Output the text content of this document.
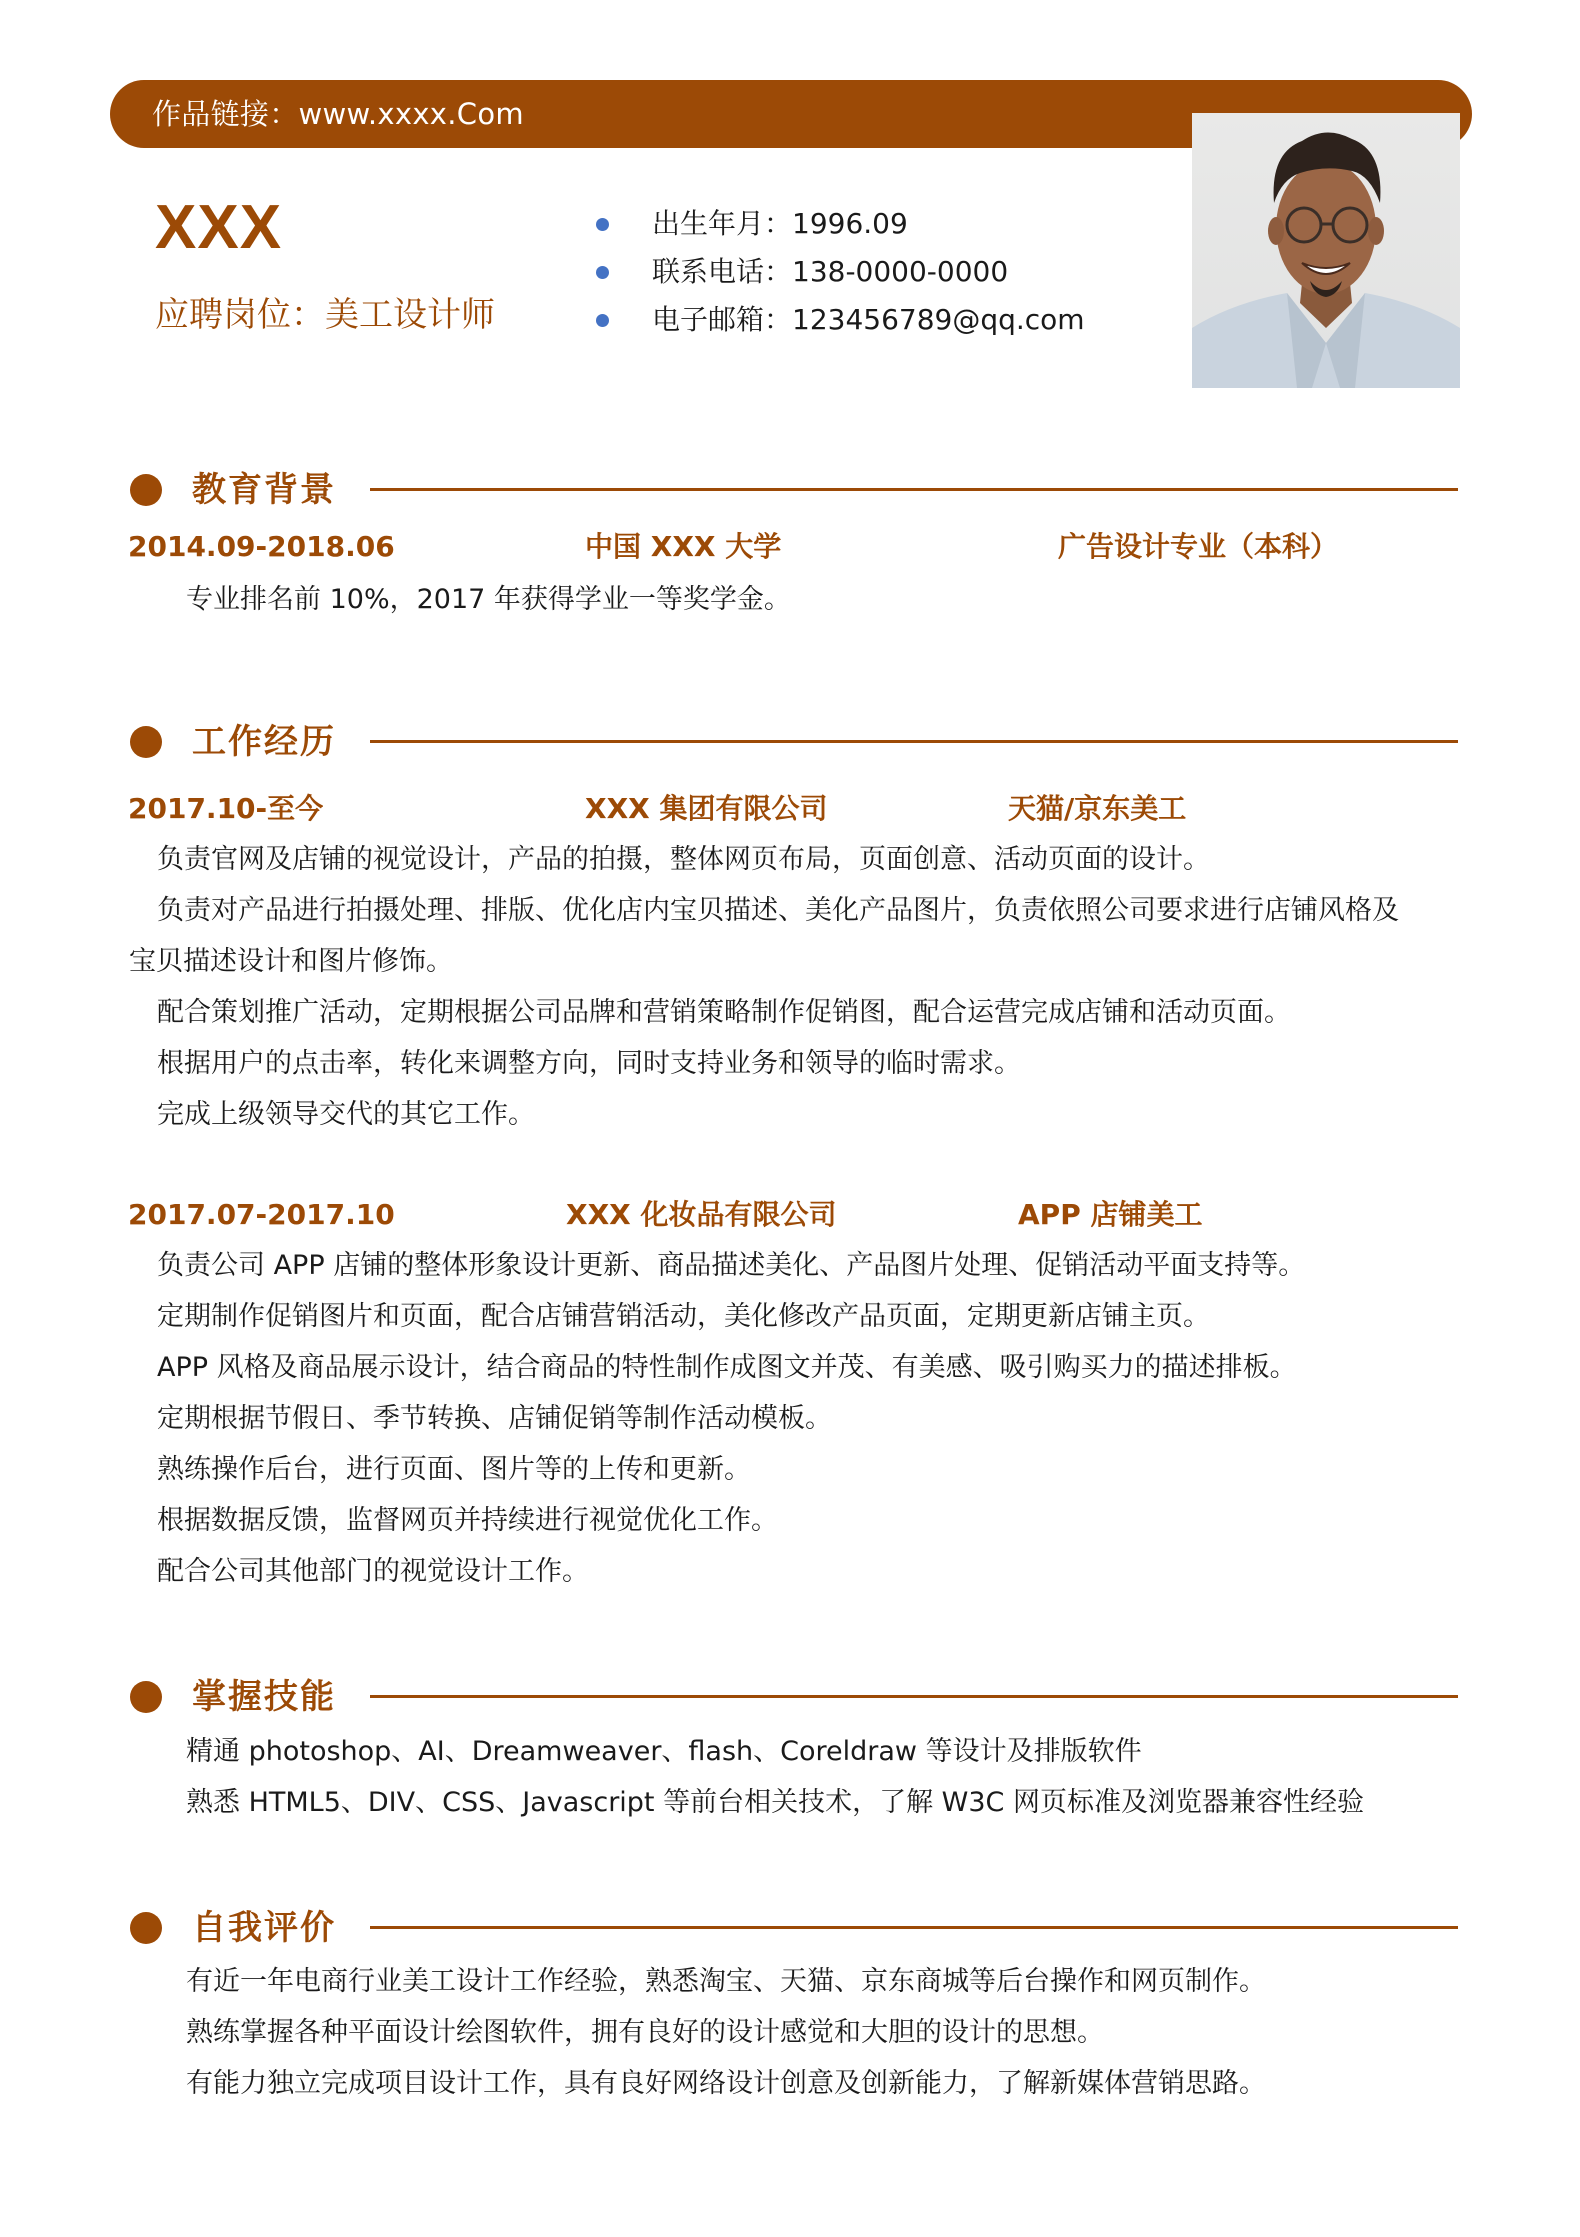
作品链接：www.xxxx.Com
XXX
应聘岗位：美工设计师
出生年月：1996.09
联系电话：138-0000-0000
电子邮箱：123456789@qq.com
教育背景
2014.09-2018.06	中国 XXX 大学	广告设计专业（本科）
专业排名前 10%，2017 年获得学业一等奖学金。
工作经历
2017.10-至今	XXX 集团有限公司	天猫/京东美工
负责官网及店铺的视觉设计，产品的拍摄，整体网页布局，页面创意、活动页面的设计。
负责对产品进行拍摄处理、排版、优化店内宝贝描述、美化产品图片，负责依照公司要求进行店铺风格及
宝贝描述设计和图片修饰。
配合策划推广活动，定期根据公司品牌和营销策略制作促销图，配合运营完成店铺和活动页面。
根据用户的点击率，转化来调整方向，同时支持业务和领导的临时需求。
完成上级领导交代的其它工作。
2017.07-2017.10	XXX 化妆品有限公司	APP 店铺美工
负责公司 APP 店铺的整体形象设计更新、商品描述美化、产品图片处理、促销活动平面支持等。
定期制作促销图片和页面，配合店铺营销活动，美化修改产品页面，定期更新店铺主页。
APP 风格及商品展示设计，结合商品的特性制作成图文并茂、有美感、吸引购买力的描述排板。
定期根据节假日、季节转换、店铺促销等制作活动模板。
熟练操作后台，进行页面、图片等的上传和更新。
根据数据反馈，监督网页并持续进行视觉优化工作。
配合公司其他部门的视觉设计工作。
掌握技能
精通 photoshop、AI、Dreamweaver、flash、Coreldraw 等设计及排版软件
熟悉 HTML5、DIV、CSS、Javascript 等前台相关技术，了解 W3C 网页标准及浏览器兼容性经验
自我评价
有近一年电商行业美工设计工作经验，熟悉淘宝、天猫、京东商城等后台操作和网页制作。
熟练掌握各种平面设计绘图软件，拥有良好的设计感觉和大胆的设计的思想。
有能力独立完成项目设计工作，具有良好网络设计创意及创新能力，了解新媒体营销思路。
